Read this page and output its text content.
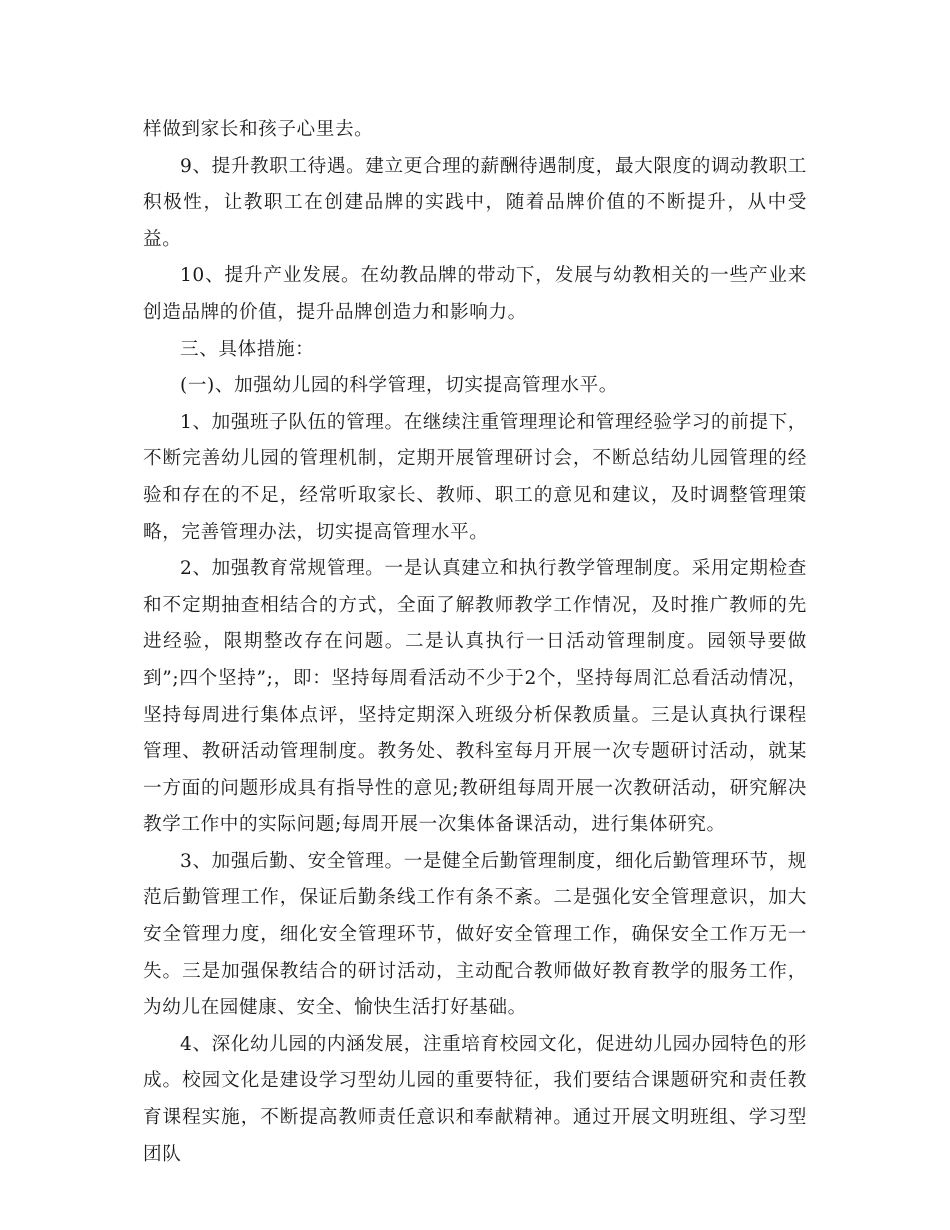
样做到家长和孩子心里去。

9、提升教职工待遇。建立更合理的薪酬待遇制度，最大限度的调动教职工积极性，让教职工在创建品牌的实践中，随着品牌价值的不断提升，从中受益。

10、提升产业发展。在幼教品牌的带动下，发展与幼教相关的一些产业来创造品牌的价值，提升品牌创造力和影响力。

三、具体措施：

(一)、加强幼儿园的科学管理，切实提高管理水平。

1、加强班子队伍的管理。在继续注重管理理论和管理经验学习的前提下，不断完善幼儿园的管理机制，定期开展管理研讨会，不断总结幼儿园管理的经验和存在的不足，经常听取家长、教师、职工的意见和建议，及时调整管理策略，完善管理办法，切实提高管理水平。

2、加强教育常规管理。一是认真建立和执行教学管理制度。采用定期检查和不定期抽查相结合的方式，全面了解教师教学工作情况，及时推广教师的先进经验，限期整改存在问题。二是认真执行一日活动管理制度。园领导要做到”;四个坚持”;，即：坚持每周看活动不少于2个，坚持每周汇总看活动情况，坚持每周进行集体点评，坚持定期深入班级分析保教质量。三是认真执行课程管理、教研活动管理制度。教务处、教科室每月开展一次专题研讨活动，就某一方面的问题形成具有指导性的意见;教研组每周开展一次教研活动，研究解决教学工作中的实际问题;每周开展一次集体备课活动，进行集体研究。

3、加强后勤、安全管理。一是健全后勤管理制度，细化后勤管理环节，规范后勤管理工作，保证后勤条线工作有条不紊。二是强化安全管理意识，加大安全管理力度，细化安全管理环节，做好安全管理工作，确保安全工作万无一失。三是加强保教结合的研讨活动，主动配合教师做好教育教学的服务工作，为幼儿在园健康、安全、愉快生活打好基础。

4、深化幼儿园的内涵发展，注重培育校园文化，促进幼儿园办园特色的形成。校园文化是建设学习型幼儿园的重要特征，我们要结合课题研究和责任教育课程实施，不断提高教师责任意识和奉献精神。通过开展文明班组、学习型团队
